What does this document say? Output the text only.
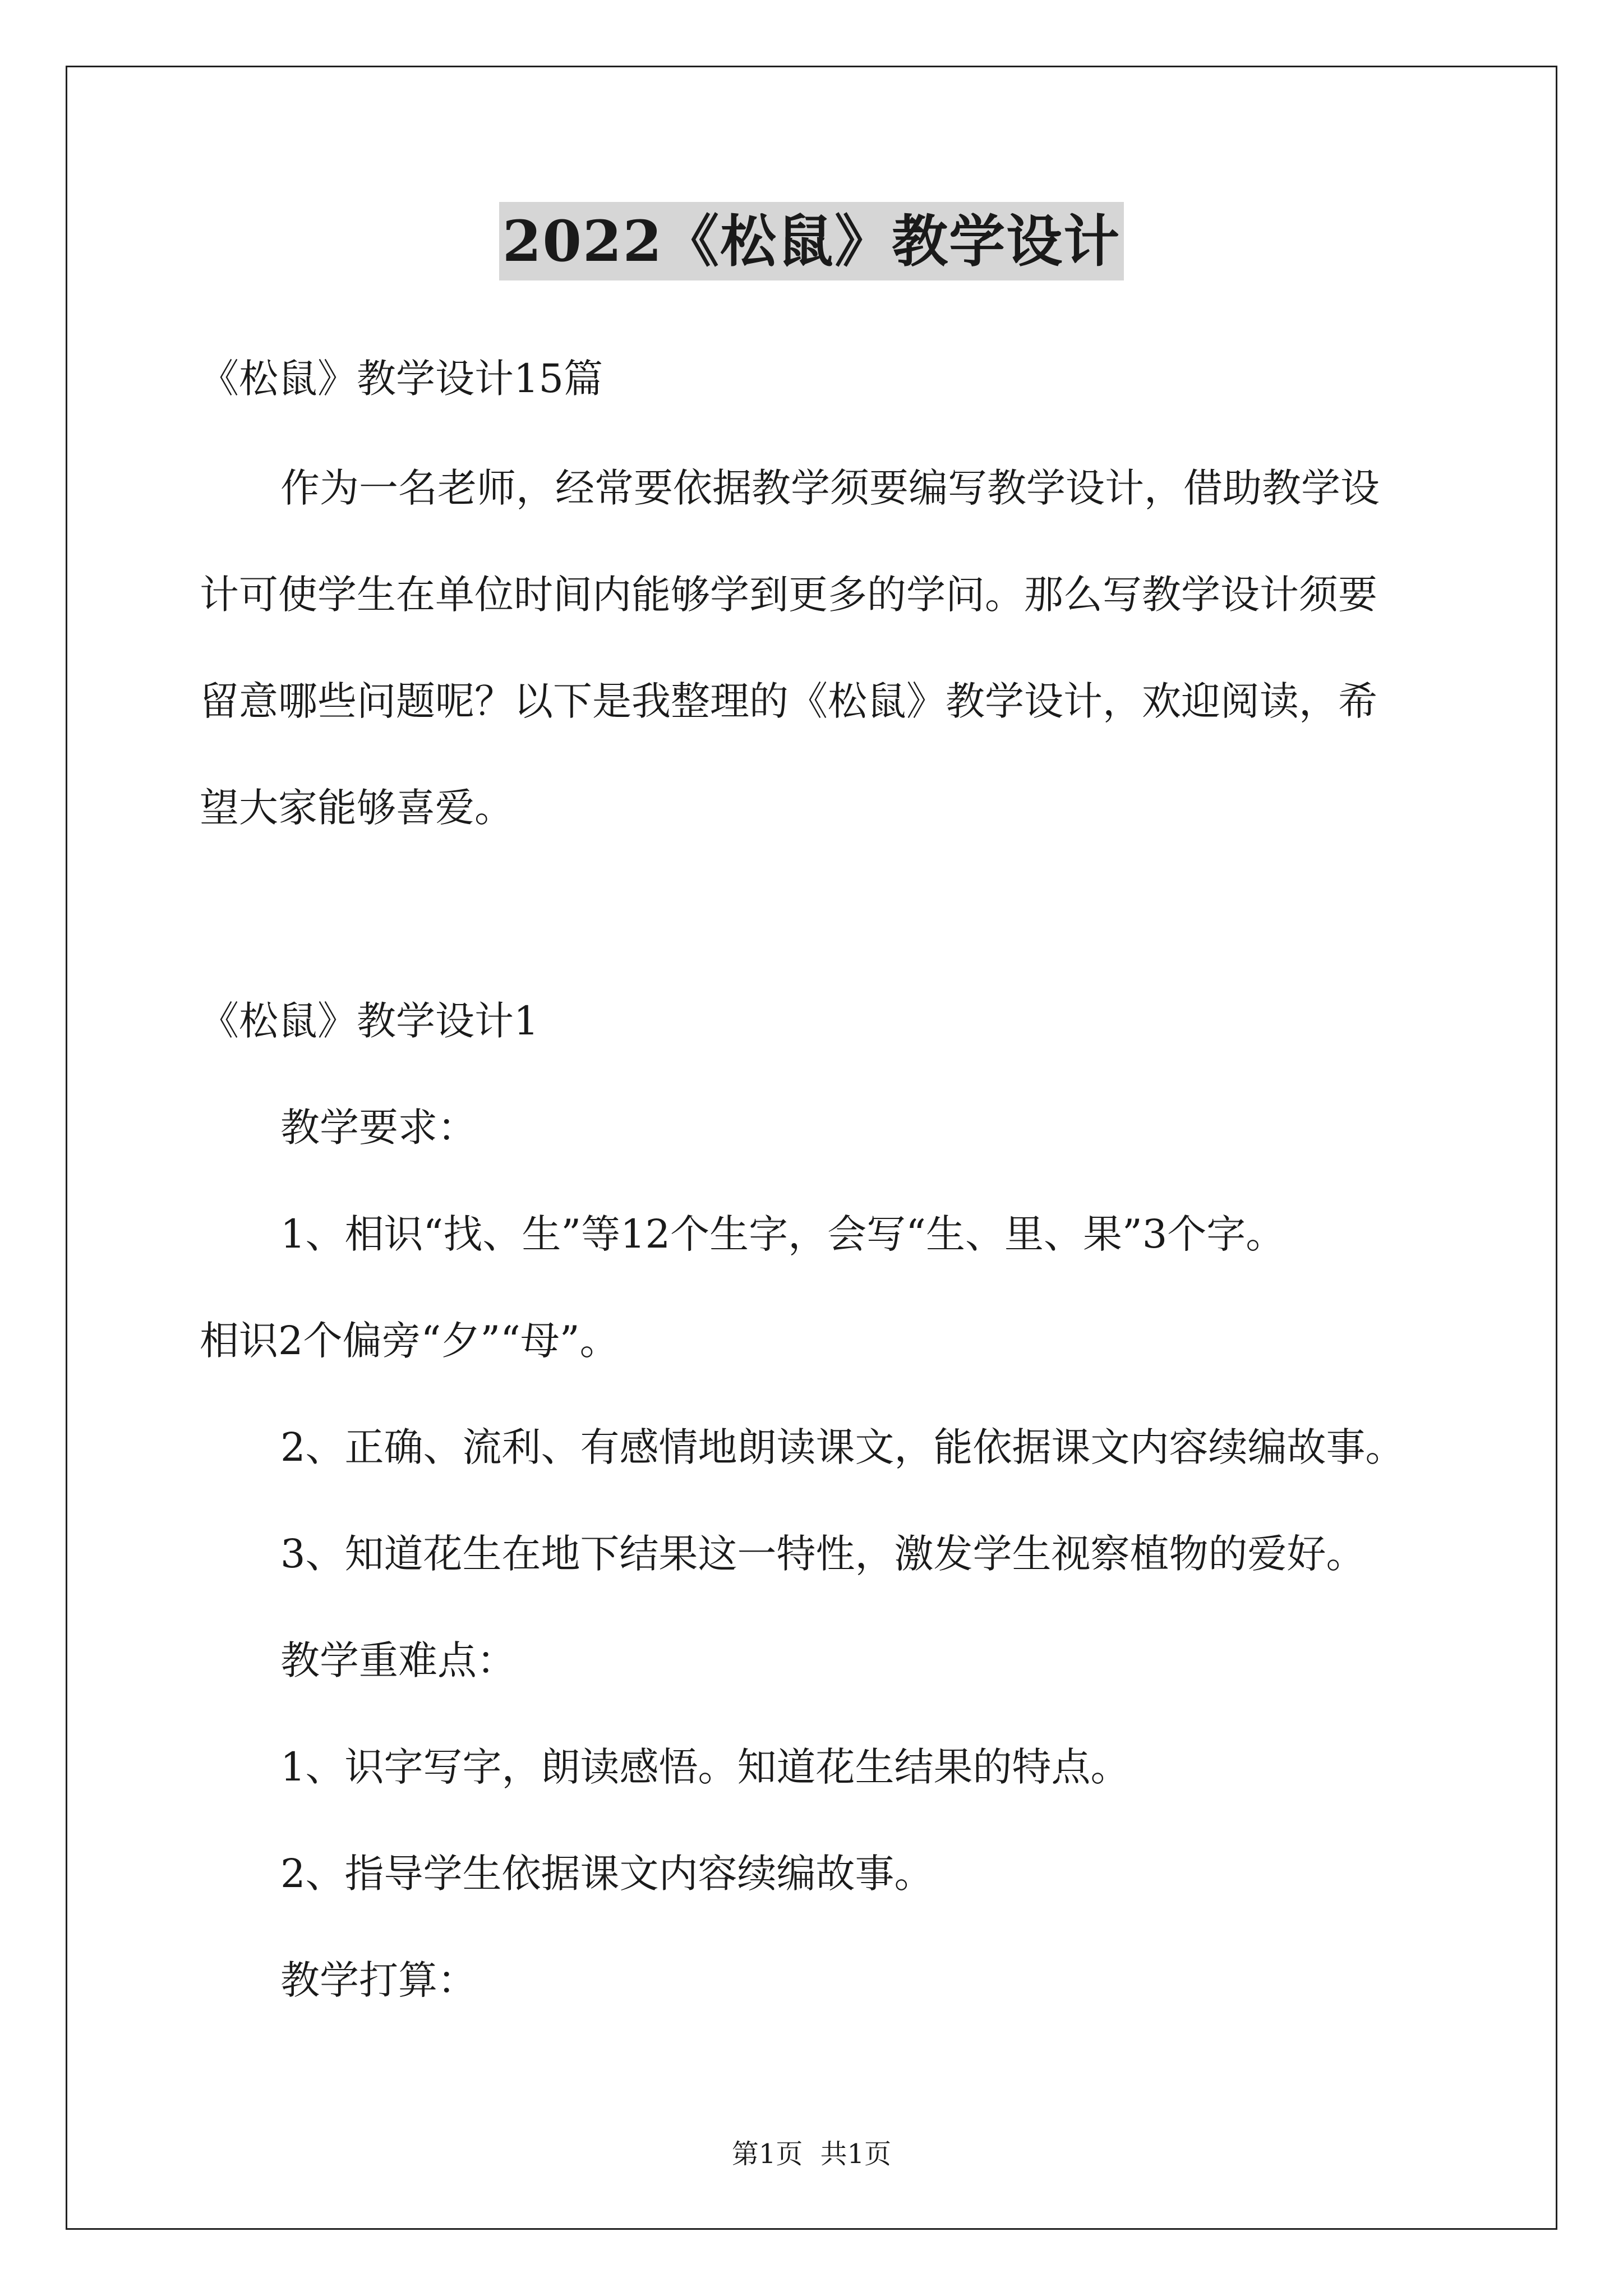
2022《松鼠》教学设计
《松鼠》教学设计15篇
作为一名老师，经常要依据教学须要编写教学设计，借助教学设
计可使学生在单位时间内能够学到更多的学问。那么写教学设计须要
留意哪些问题呢？以下是我整理的《松鼠》教学设计，欢迎阅读，希
望大家能够喜爱。
《松鼠》教学设计1
教学要求：
1、相识“找、生”等12个生字，会写“生、里、果”3个字。
相识2个偏旁“夕”“母”。
2、正确、流利、有感情地朗读课文，能依据课文内容续编故事。
3、知道花生在地下结果这一特性，激发学生视察植物的爱好。
教学重难点：
1、识字写字，朗读感悟。知道花生结果的特点。
2、指导学生依据课文内容续编故事。
教学打算：
第1页 共1页
